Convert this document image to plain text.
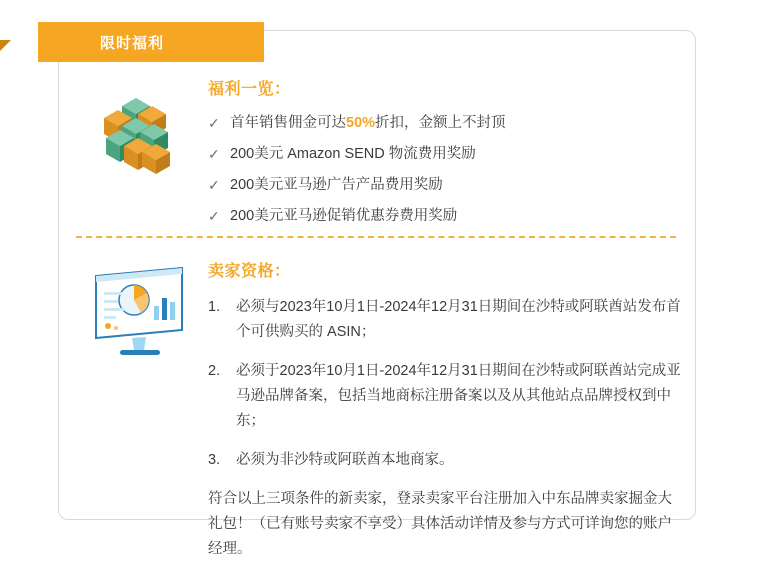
限时福利
福利一览：
✓ 首年销售佣金可达50%折扣，金额上不封顶
✓ 200美元 Amazon SEND 物流费用奖励
✓ 200美元亚马逊广告产品费用奖励
✓ 200美元亚马逊促销优惠券费用奖励
卖家资格：
1.	必须与2023年10月1日-2024年12月31日期间在沙特或阿联酋站发布首个可供购买的 ASIN；
2.	必须于2023年10月1日-2024年12月31日期间在沙特或阿联酋站完成亚马逊品牌备案，包括当地商标注册备案以及从其他站点品牌授权到中东；
3.	必须为非沙特或阿联酋本地商家。
符合以上三项条件的新卖家，登录卖家平台注册加入中东品牌卖家掘金大礼包！（已有账号卖家不享受）具体活动详情及参与方式可详询您的账户经理。
